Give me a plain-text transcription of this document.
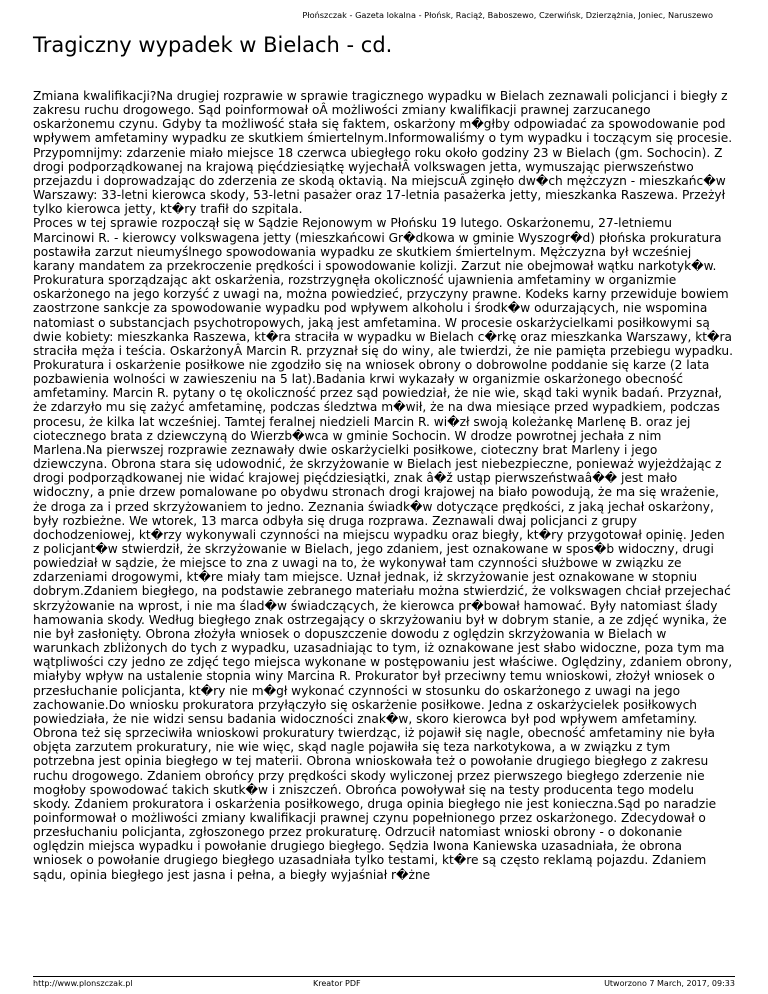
Płońszczak - Gazeta lokalna - Płońsk, Raciąż, Baboszewo, Czerwińsk, Dzierzążnia, Joniec, Naruszewo
Tragiczny wypadek w Bielach - cd.

Zmiana kwalifikacji?Na drugiej rozprawie w sprawie tragicznego wypadku w Bielach zeznawali policjanci i biegły z zakresu ruchu drogowego. Sąd poinformował oÂ możliwości zmiany kwalifikacji prawnej zarzucanego oskarżonemu czynu. Gdyby ta możliwość stała się faktem, oskarżony m�głby odpowiadać za spowodowanie pod wpływem amfetaminy wypadku ze skutkiem śmiertelnym.Informowaliśmy o tym wypadku i toczącym się procesie. Przypomnijmy: zdarzenie miało miejsce 18 czerwca ubiegłego roku około godziny 23 w Bielach (gm. Sochocin). Z drogi podporządkowanej na krajową pięćdziesiątkę wyjechałÂ volkswagen jetta, wymuszając pierwszeństwo przejazdu i doprowadzając do zderzenia ze skodą oktavią. Na miejscuÂ zginęło dw�ch mężczyzn - mieszkańc�w Warszawy: 33-letni kierowca skody, 53-letni pasażer oraz 17-letnia pasażerka jetty, mieszkanka Raszewa. Przeżył tylko kierowca jetty, kt�ry trafił do szpitala.

Proces w tej sprawie rozpoczął się w Sądzie Rejonowym w Płońsku 19 lutego. Oskarżonemu, 27-letniemu Marcinowi R. - kierowcy volkswagena jetty (mieszkańcowi Gr�dkowa w gminie Wyszogr�d) płońska prokuratura postawiła zarzut nieumyślnego spowodowania wypadku ze skutkiem śmiertelnym. Mężczyzna był wcześniej karany mandatem za przekroczenie prędkości i spowodowanie kolizji. Zarzut nie obejmował wątku narkotyk�w. Prokuratura sporządzając akt oskarżenia, rozstrzygnęła okoliczność ujawnienia amfetaminy w organizmie oskarżonego na jego korzyść z uwagi na, można powiedzieć, przyczyny prawne. Kodeks karny przewiduje bowiem zaostrzone sankcje za spowodowanie wypadku pod wpływem alkoholu i środk�w odurzających, nie wspomina natomiast o substancjach psychotropowych, jaką jest amfetamina. W procesie oskarżycielkami posiłkowymi są dwie kobiety: mieszkanka Raszewa, kt�ra straciła w wypadku w Bielach c�rkę oraz mieszkanka Warszawy, kt�ra straciła męża i teścia. OskarżonyÂ Marcin R. przyznał się do winy, ale twierdzi, że nie pamięta przebiegu wypadku. Prokuratura i oskarżenie posiłkowe nie zgodziło się na wniosek obrony o dobrowolne poddanie się karze (2 lata pozbawienia wolności w zawieszeniu na 5 lat).Badania krwi wykazały w organizmie oskarżonego obecność amfetaminy. Marcin R. pytany o tę okoliczność przez sąd powiedział, że nie wie, skąd taki wynik badań. Przyznał, że zdarzyło mu się zażyć amfetaminę, podczas śledztwa m�wił, że na dwa miesiące przed wypadkiem, podczas procesu, że kilka lat wcześniej. Tamtej feralnej niedzieli Marcin R. wi�zł swoją koleżankę Marlenę B. oraz jej ciotecznego brata z dziewczyną do Wierzb�wca w gminie Sochocin. W drodze powrotnej jechała z nim Marlena.Na pierwszej rozprawie zeznawały dwie oskarżycielki posiłkowe, cioteczny brat Marleny i jego dziewczyna. Obrona stara się udowodnić, że skrzyżowanie w Bielach jest niebezpieczne, ponieważ wyjeżdżając z drogi podporządkowanej nie widać krajowej pięćdziesiątki, znak â�ž ustąp pierwszeństwaâ�� jest mało widoczny, a pnie drzew pomalowane po obydwu stronach drogi krajowej na biało powodują, że ma się wrażenie, że droga za i przed skrzyżowaniem to jedno. Zeznania świadk�w dotyczące prędkości, z jaką jechał oskarżony, były rozbieżne. We wtorek, 13 marca odbyła się druga rozprawa. Zeznawali dwaj policjanci z grupy dochodzeniowej, kt�rzy wykonywali czynności na miejscu wypadku oraz biegły, kt�ry przygotował opinię. Jeden z policjant�w stwierdził, że skrzyżowanie w Bielach, jego zdaniem, jest oznakowane w spos�b widoczny, drugi powiedział w sądzie, że miejsce to zna z uwagi na to, że wykonywał tam czynności służbowe w związku ze zdarzeniami drogowymi, kt�re miały tam miejsce. Uznał jednak, iż skrzyżowanie jest oznakowane w stopniu dobrym.Zdaniem biegłego, na podstawie zebranego materiału można stwierdzić, że volkswagen chciał przejechać skrzyżowanie na wprost, i nie ma ślad�w świadczących, że kierowca pr�bował hamować. Były natomiast ślady hamowania skody. Według biegłego znak ostrzegający o skrzyżowaniu był w dobrym stanie, a ze zdjęć wynika, że nie był zasłonięty. Obrona złożyła wniosek o dopuszczenie dowodu z oględzin skrzyżowania w Bielach w warunkach zbliżonych do tych z wypadku, uzasadniając to tym, iż oznakowane jest słabo widoczne, poza tym ma wątpliwości czy jedno ze zdjęć tego miejsca wykonane w postępowaniu jest właściwe. Oględziny, zdaniem obrony, miałyby wpływ na ustalenie stopnia winy Marcina R. Prokurator był przeciwny temu wnioskowi, złożył wniosek o przesłuchanie policjanta, kt�ry nie m�gł wykonać czynności w stosunku do oskarżonego z uwagi na jego zachowanie.Do wniosku prokuratora przyłączyło się oskarżenie posiłkowe. Jedna z oskarżycielek posiłkowych powiedziała, że nie widzi sensu badania widoczności znak�w, skoro kierowca był pod wpływem amfetaminy. Obrona też się sprzeciwiła wnioskowi prokuratury twierdząc, iż pojawił się nagle, obecność amfetaminy nie była objęta zarzutem prokuratury, nie wie więc, skąd nagle pojawiła się teza narkotykowa, a w związku z tym potrzebna jest opinia biegłego w tej materii. Obrona wnioskowała też o powołanie drugiego biegłego z zakresu ruchu drogowego. Zdaniem obrońcy przy prędkości skody wyliczonej przez pierwszego biegłego zderzenie nie mogłoby spowodować takich skutk�w i zniszczeń. Obrońca powoływał się na testy producenta tego modelu skody. Zdaniem prokuratora i oskarżenia posiłkowego, druga opinia biegłego nie jest konieczna.Sąd po naradzie poinformował o możliwości zmiany kwalifikacji prawnej czynu popełnionego przez oskarżonego. Zdecydował o przesłuchaniu policjanta, zgłoszonego przez prokuraturę. Odrzucił natomiast wnioski obrony - o dokonanie oględzin miejsca wypadku i powołanie drugiego biegłego. Sędzia Iwona Kaniewska uzasadniała, że obrona wniosek o powołanie drugiego biegłego uzasadniała tylko testami, kt�re są często reklamą pojazdu. Zdaniem sądu, opinia biegłego jest jasna i pełna, a biegły wyjaśniał r�żne

http://www.plonszczak.pl	Kreator PDF	Utworzono 7 March, 2017, 09:33
